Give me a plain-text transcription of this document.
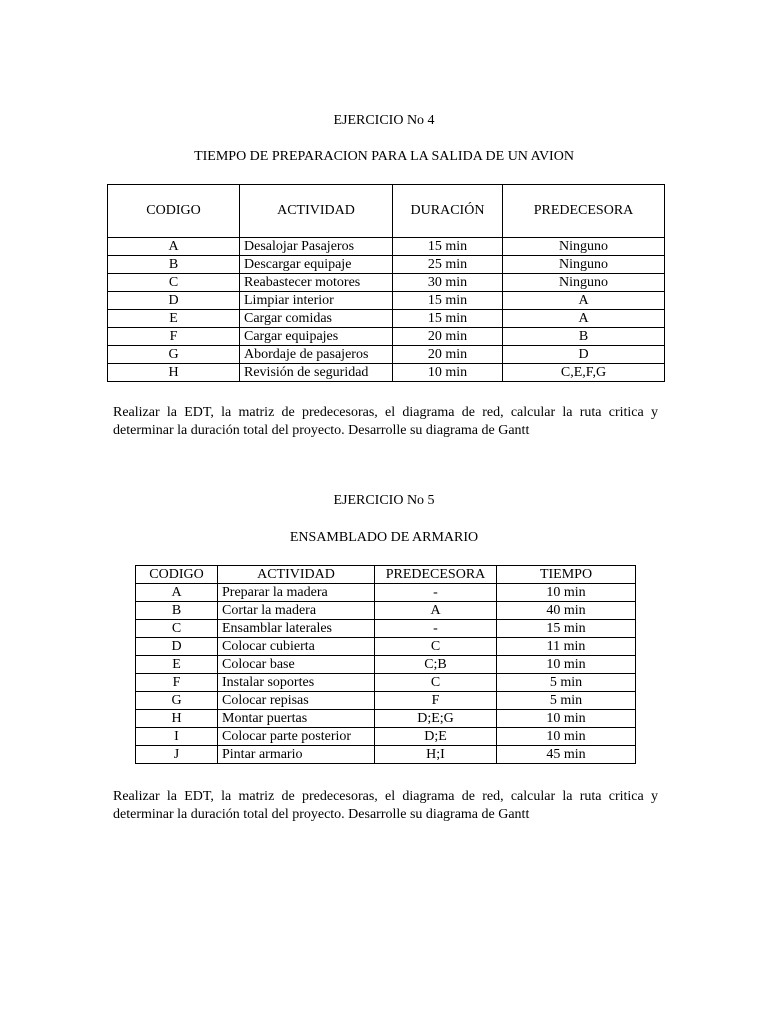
EJERCICIO No 4
TIEMPO DE PREPARACION PARA LA SALIDA DE UN AVION
CODIGO	ACTIVIDAD	DURACIÓN	PREDECESORA
A	Desalojar Pasajeros	15 min	Ninguno
B	Descargar equipaje	25 min	Ninguno
C	Reabastecer motores	30 min	Ninguno
D	Limpiar interior	15 min	A
E	Cargar comidas	15 min	A
F	Cargar equipajes	20 min	B
G	Abordaje de pasajeros	20 min	D
H	Revisión de seguridad	10 min	C,E,F,G
Realizar la EDT, la matriz de predecesoras, el diagrama de red, calcular la ruta critica y
determinar la duración total del proyecto. Desarrolle su diagrama de Gantt
EJERCICIO No 5
ENSAMBLADO DE ARMARIO
CODIGO	ACTIVIDAD	PREDECESORA	TIEMPO
A	Preparar la madera	-	10 min
B	Cortar la madera	A	40 min
C	Ensamblar laterales	-	15 min
D	Colocar cubierta	C	11 min
E	Colocar base	C;B	10 min
F	Instalar soportes	C	5 min
G	Colocar repisas	F	5 min
H	Montar puertas	D;E;G	10 min
I	Colocar parte posterior	D;E	10 min
J	Pintar armario	H;I	45 min
Realizar la EDT, la matriz de predecesoras, el diagrama de red, calcular la ruta critica y
determinar la duración total del proyecto. Desarrolle su diagrama de Gantt
